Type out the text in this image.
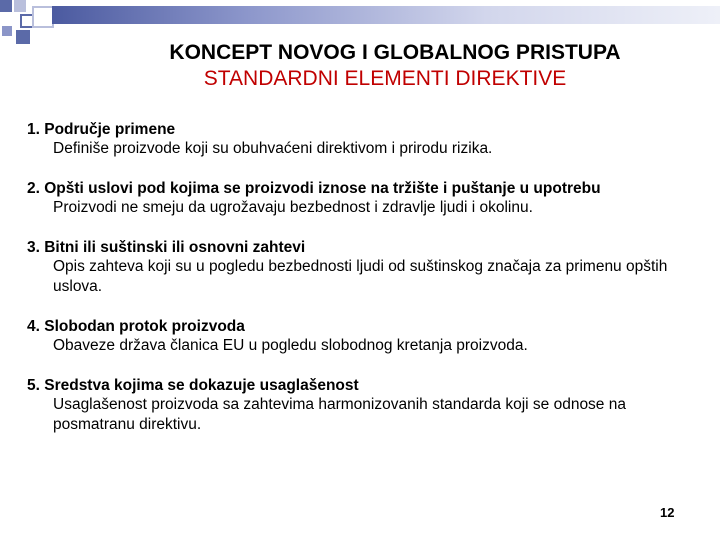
KONCEPT NOVOG I GLOBALNOG PRISTUPA
STANDARDNI ELEMENTI DIREKTIVE
1. Područje primene
Definiše proizvode koji su obuhvaćeni direktivom i prirodu rizika.
2. Opšti uslovi pod kojima se proizvodi iznose na tržište i puštanje u upotrebu
Proizvodi ne smeju da ugrožavaju bezbednost i zdravlje ljudi i okolinu.
3. Bitni ili suštinski ili osnovni zahtevi
Opis zahteva koji su u pogledu bezbednosti ljudi od suštinskog značaja za primenu opštih uslova.
4. Slobodan protok proizvoda
Obaveze država članica EU u pogledu slobodnog kretanja proizvoda.
5. Sredstva kojima se dokazuje usaglašenost
Usaglašenost proizvoda sa zahtevima harmonizovanih standarda koji se odnose na posmatranu direktivu.
12
